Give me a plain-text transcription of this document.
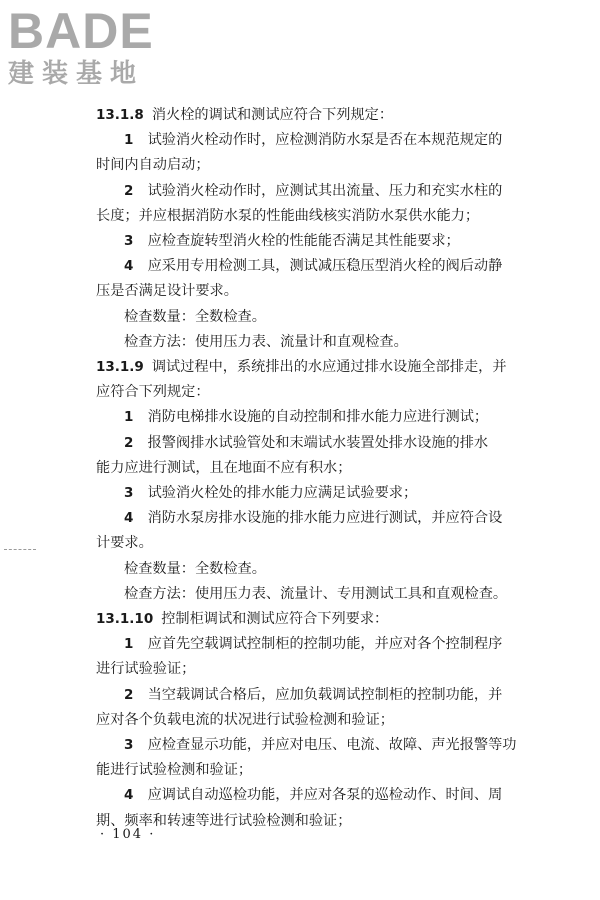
BADE
建装基地

13.1.8 消火栓的调试和测试应符合下列规定：

1  试验消火栓动作时，应检测消防水泵是否在本规范规定的

时间内自动启动；

2  试验消火栓动作时，应测试其出流量、压力和充实水柱的

长度；并应根据消防水泵的性能曲线核实消防水泵供水能力；

3  应检查旋转型消火栓的性能能否满足其性能要求；

4  应采用专用检测工具，测试减压稳压型消火栓的阀后动静

压是否满足设计要求。

检查数量：全数检查。

检查方法：使用压力表、流量计和直观检查。

13.1.9 调试过程中，系统排出的水应通过排水设施全部排走，并

应符合下列规定：

1  消防电梯排水设施的自动控制和排水能力应进行测试；

2  报警阀排水试验管处和末端试水装置处排水设施的排水

能力应进行测试，且在地面不应有积水；

3  试验消火栓处的排水能力应满足试验要求；

4  消防水泵房排水设施的排水能力应进行测试，并应符合设

计要求。

检查数量：全数检查。

检查方法：使用压力表、流量计、专用测试工具和直观检查。

13.1.10 控制柜调试和测试应符合下列要求：

1  应首先空载调试控制柜的控制功能，并应对各个控制程序

进行试验验证；

2  当空载调试合格后，应加负载调试控制柜的控制功能，并

应对各个负载电流的状况进行试验检测和验证；

3  应检查显示功能，并应对电压、电流、故障、声光报警等功

能进行试验检测和验证；

4  应调试自动巡检功能，并应对各泵的巡检动作、时间、周

期、频率和转速等进行试验检测和验证；

· 104 ·
